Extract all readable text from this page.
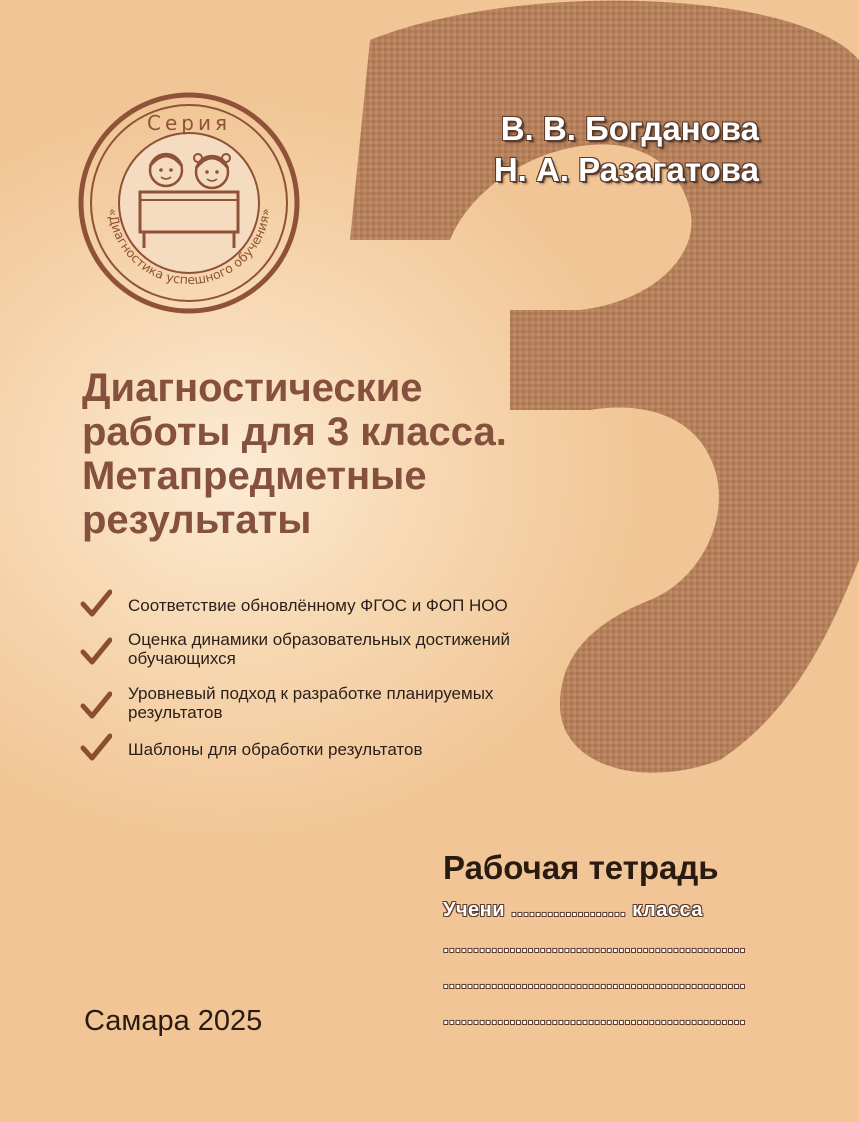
Серия
«Диагностика успешного обучения»
В. В. Богданова
Н. А. Разагатова
Диагностические
работы для 3 класса.
Метапредметные
результаты
Соответствие обновлённому ФГОС и ФОП НОО
Оценка динамики образовательных достижений
обучающихся
Уровневый подход к разработке планируемых
результатов
Шаблоны для обработки результатов
Рабочая тетрадь
Учени ................... класса
..................................................
..................................................
..................................................
Самара 2025
